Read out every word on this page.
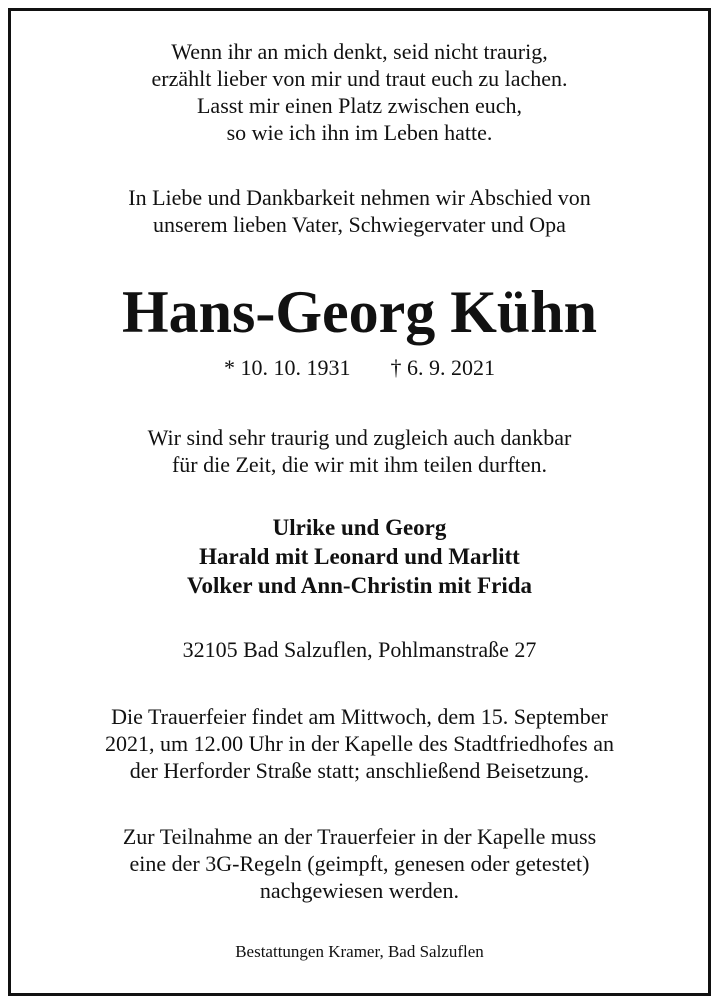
Wenn ihr an mich denkt, seid nicht traurig,
erzählt lieber von mir und traut euch zu lachen.
Lasst mir einen Platz zwischen euch,
so wie ich ihn im Leben hatte.
In Liebe und Dankbarkeit nehmen wir Abschied von
unserem lieben Vater, Schwiegervater und Opa
Hans-Georg Kühn
* 10. 10. 1931 † 6. 9. 2021
Wir sind sehr traurig und zugleich auch dankbar
für die Zeit, die wir mit ihm teilen durften.
Ulrike und Georg
Harald mit Leonard und Marlitt
Volker und Ann-Christin mit Frida
32105 Bad Salzuflen, Pohlmanstraße 27
Die Trauerfeier findet am Mittwoch, dem 15. September
2021, um 12.00 Uhr in der Kapelle des Stadtfriedhofes an
der Herforder Straße statt; anschließend Beisetzung.
Zur Teilnahme an der Trauerfeier in der Kapelle muss
eine der 3G-Regeln (geimpft, genesen oder getestet)
nachgewiesen werden.
Bestattungen Kramer, Bad Salzuflen
